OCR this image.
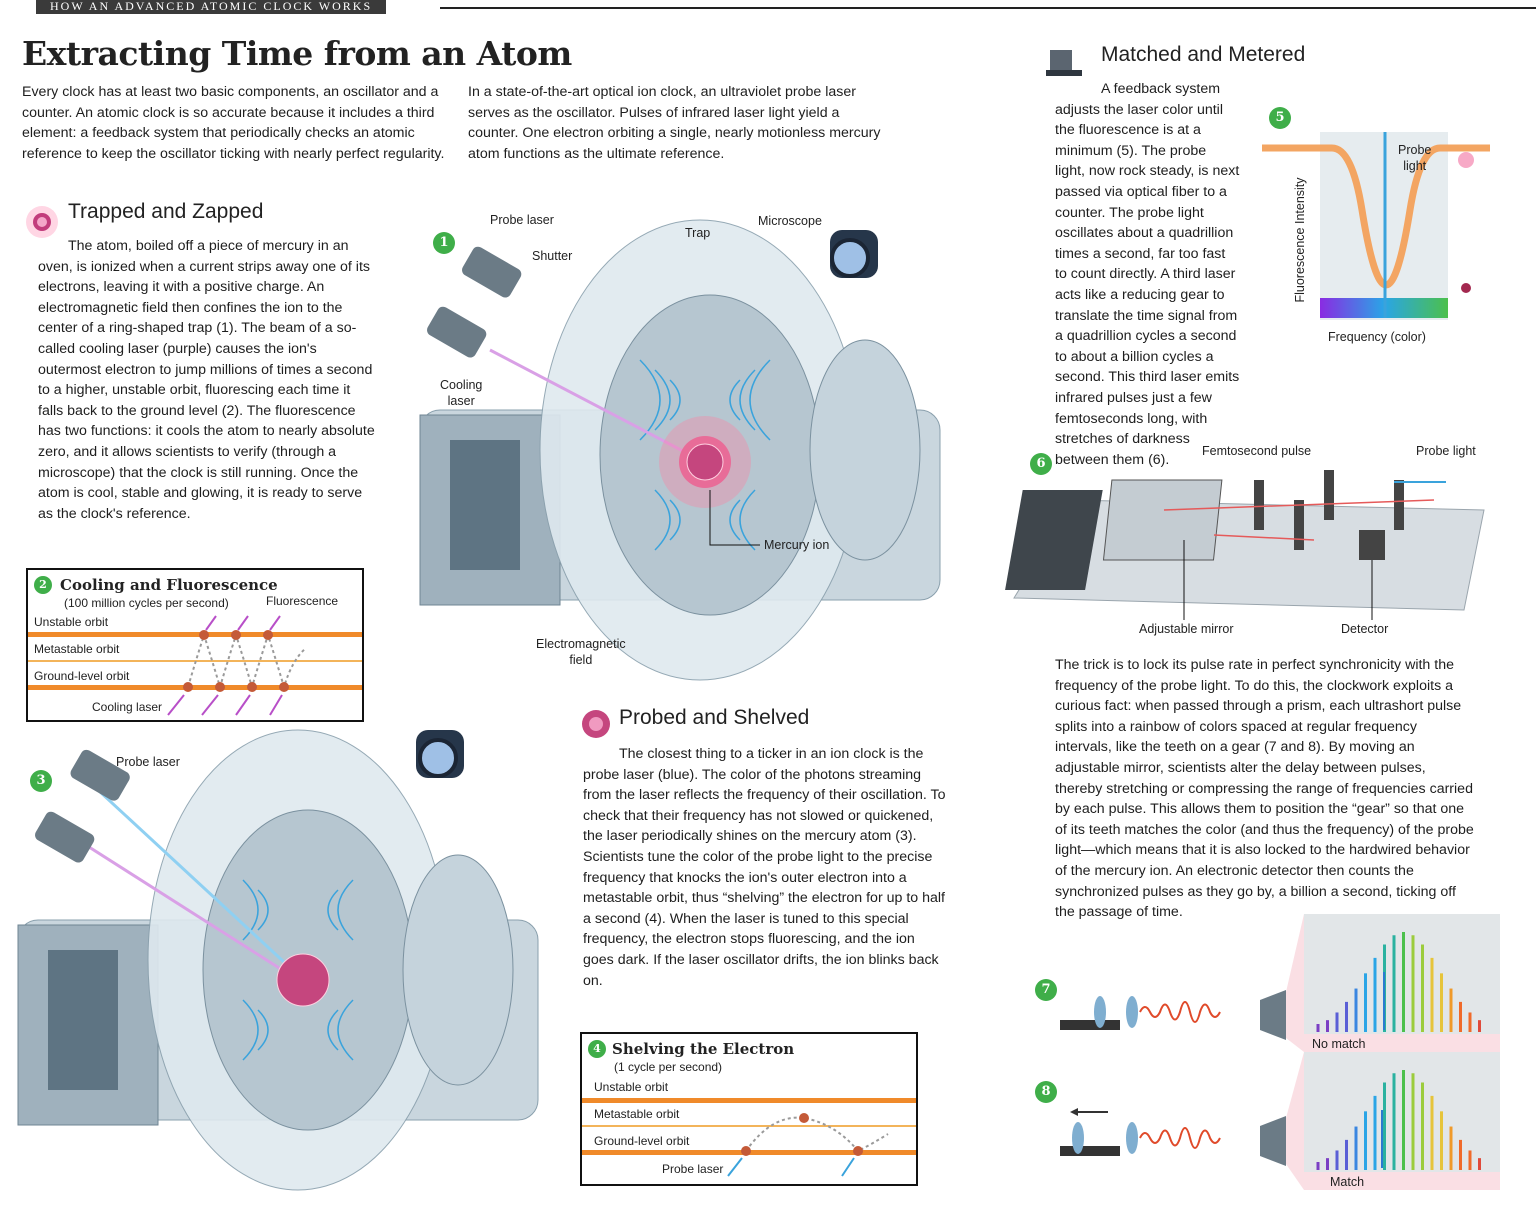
HOW AN ADVANCED ATOMIC CLOCK WORKS
Extracting Time from an Atom
Every clock has at least two basic components, an oscillator and a counter. An atomic clock is so accurate because it includes a third element: a feedback system that periodically checks an atomic reference to keep the oscillator ticking with nearly perfect regularity.
In a state-of-the-art optical ion clock, an ultraviolet probe laser serves as the oscillator. Pulses of infrared laser light yield a counter. One electron orbiting a single, nearly motionless mercury atom functions as the ultimate reference.
Trapped and Zapped
The atom, boiled off a piece of mercury in an oven, is ionized when a current strips away one of its electrons, leaving it with a positive charge. An electromagnetic field then confines the ion to the center of a ring-shaped trap (1). The beam of a so-called cooling laser (purple) causes the ion's outermost electron to jump millions of times a second to a higher, unstable orbit, fluorescing each time it falls back to the ground level (2). The fluorescence has two functions: it cools the atom to nearly absolute zero, and it allows scientists to verify (through a microscope) that the clock is still running. Once the atom is cool, stable and glowing, it is ready to serve as the clock's reference.
1
Probe laser
Shutter
Trap
Microscope
Cooling
laser
Mercury ion
Electromagnetic
field
2 Cooling and Fluorescence
(100 million cycles per second)	Fluorescence
Unstable orbit
Metastable orbit
Ground-level orbit
Cooling laser
3
Probe laser
Probed and Shelved
The closest thing to a ticker in an ion clock is the probe laser (blue). The color of the photons streaming from the laser reflects the frequency of their oscillation. To check that their frequency has not slowed or quickened, the laser periodically shines on the mercury atom (3). Scientists tune the color of the probe light to the precise frequency that knocks the ion's outer electron into a metastable orbit, thus “shelving” the electron for up to half a second (4). When the laser is tuned to this special frequency, the electron stops fluorescing, and the ion goes dark. If the laser oscillator drifts, the ion blinks back on.
4 Shelving the Electron
(1 cycle per second)
Unstable orbit
Metastable orbit
Ground-level orbit
Probe laser
Matched and Metered
A feedback system adjusts the laser color until the fluorescence is at a minimum (5). The probe light, now rock steady, is next passed via optical fiber to a counter. The probe light oscillates about a quadrillion times a second, far too fast to count directly. A third laser acts like a reducing gear to translate the time signal from a quadrillion cycles a second to about a billion cycles a second. This third laser emits infrared pulses just a few femtoseconds long, with stretches of darkness between them (6).
5
Probe
light
Fluorescence Intensity
Frequency (color)
6
Femtosecond pulse	Probe light
Adjustable mirror	Detector
The trick is to lock its pulse rate in perfect synchronicity with the frequency of the probe light. To do this, the clockwork exploits a curious fact: when passed through a prism, each ultrashort pulse splits into a rainbow of colors spaced at regular frequency intervals, like the teeth on a gear (7 and 8). By moving an adjustable mirror, scientists alter the delay between pulses, thereby stretching or compressing the range of frequencies carried by each pulse. This allows them to position the “gear” so that one of its teeth matches the color (and thus the frequency) of the probe light—which means that it is also locked to the hardwired behavior of the mercury ion. An electronic detector then counts the synchronized pulses as they go by, a billion a second, ticking off the passage of time.
7
No match
8
Match
